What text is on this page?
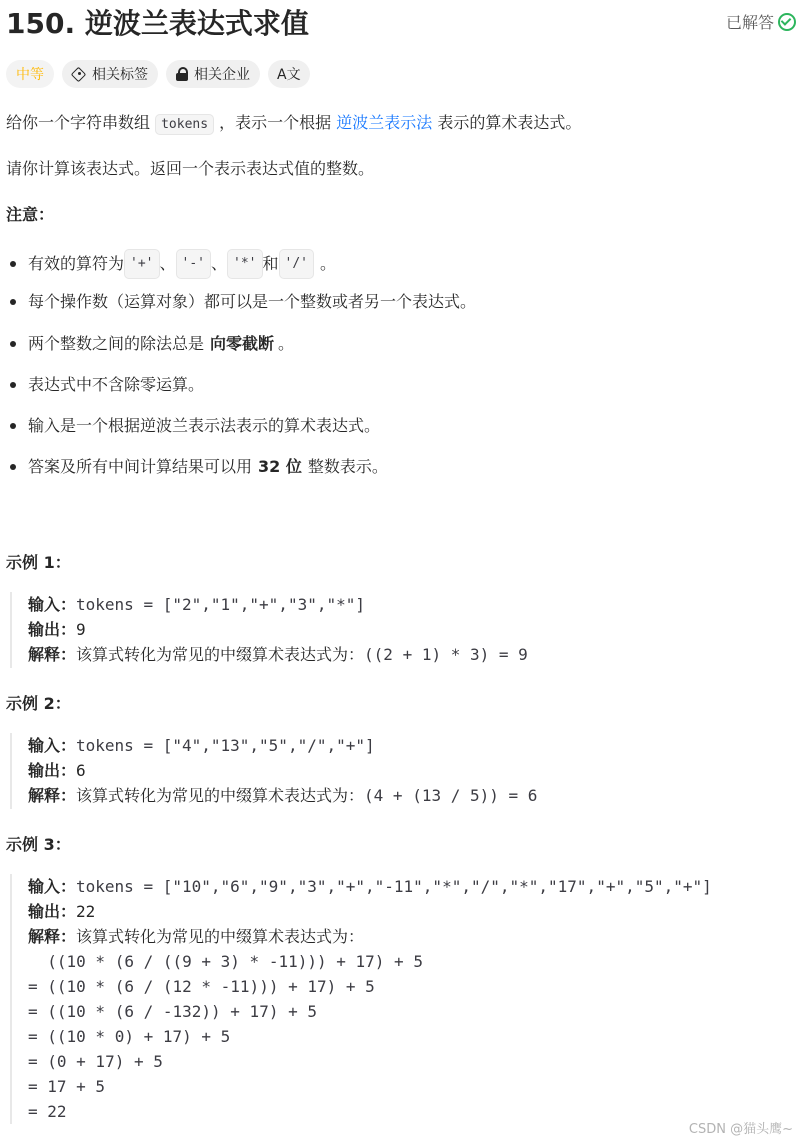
150. 逆波兰表达式求值	已解答
中等	相关标签	相关企业 A文
给你一个字符串数组 tokens ，表示一个根据 逆波兰表示法 表示的算术表达式。
请你计算该表达式。返回一个表示表达式值的整数。
注意：
有效的算符为 '+' 、 '-' 、 '*' 和 '/' 。
每个操作数（运算对象）都可以是一个整数或者另一个表达式。
两个整数之间的除法总是 向零截断 。
表达式中不含除零运算。
输入是一个根据逆波兰表示法表示的算术表达式。
答案及所有中间计算结果可以用 32 位 整数表示。
示例 1：
输入：tokens = ["2","1","+","3","*"]
输出：9
解释：该算式转化为常见的中缀算术表达式为：((2 + 1) * 3) = 9
示例 2：
输入：tokens = ["4","13","5","/","+"]
输出：6
解释：该算式转化为常见的中缀算术表达式为：(4 + (13 / 5)) = 6
示例 3：
输入：tokens = ["10","6","9","3","+","-11","*","/","*","17","+","5","+"]
输出：22
解释：该算式转化为常见的中缀算术表达式为：
((10 * (6 / ((9 + 3) * -11))) + 17) + 5
= ((10 * (6 / (12 * -11))) + 17) + 5
= ((10 * (6 / -132)) + 17) + 5
= ((10 * 0) + 17) + 5
= (0 + 17) + 5
= 17 + 5
= 22
CSDN @猫头鹰~
